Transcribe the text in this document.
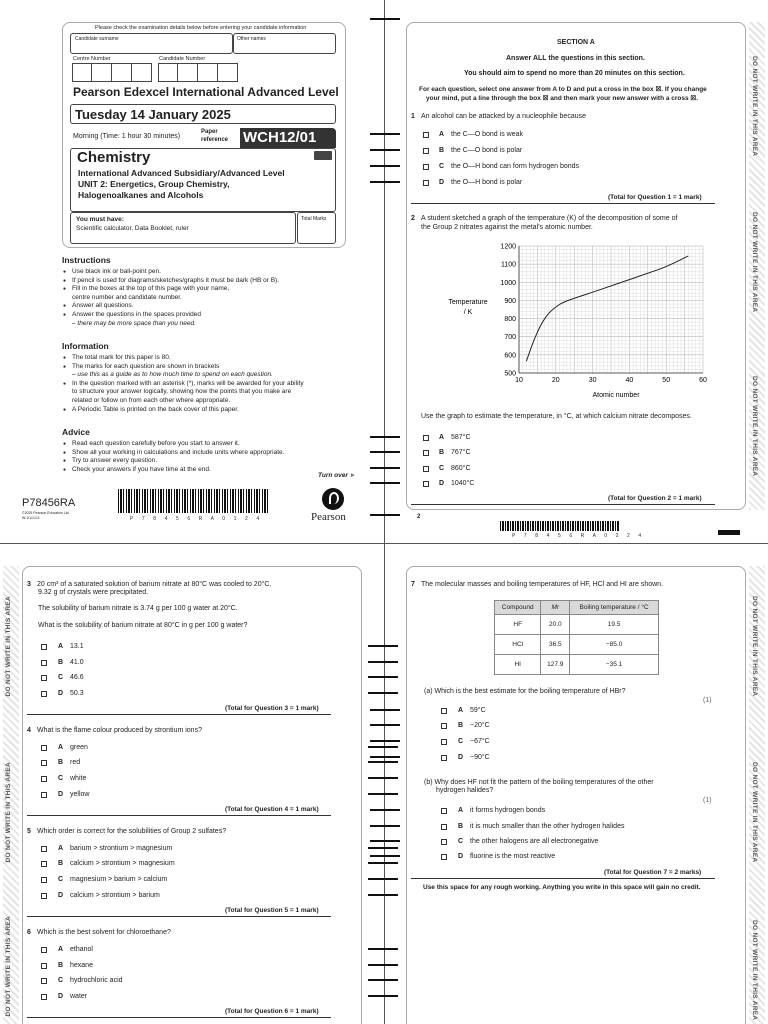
Please check the examination details below before entering your candidate information
Candidate surname	Other names
Centre Number	Candidate Number
Pearson Edexcel International Advanced Level
Tuesday 14 January 2025
Morning (Time: 1 hour 30 minutes)
Paper
reference WCH12/01
Chemistry
International Advanced Subsidiary/Advanced Level
UNIT 2: Energetics, Group Chemistry,
Halogenoalkanes and Alcohols
You must have:
Scientific calculator, Data Booklet, ruler
Total Marks
Instructions
● Use black ink or ball-point pen.
● If pencil is used for diagrams/sketches/graphs it must be dark (HB or B).
● Fill in the boxes at the top of this page with your name,
centre number and candidate number.
● Answer all questions.
● Answer the questions in the spaces provided
– there may be more space than you need.
Information
● The total mark for this paper is 80.
● The marks for each question are shown in brackets
– use this as a guide as to how much time to spend on each question.
● In the question marked with an asterisk (*), marks will be awarded for your ability
to structure your answer logically, showing how the points that you make are
related or follow on from each other where appropriate.
● A Periodic Table is printed on the back cover of this paper.
Advice
● Read each question carefully before you start to answer it.
● Show all your working in calculations and include units where appropriate.
● Try to answer every question.
● Check your answers if you have time at the end.
Turn over ►
P78456RA
©2025 Pearson Education Ltd.
W:1/1/1/1/1	P 7 8 4 5 6 R A 0 1 2 4	Pearson
DO NOT WRITE IN THIS AREA
DO NOT WRITE IN THIS AREA
DO NOT WRITE IN THIS AREA
SECTION A
Answer ALL the questions in this section.
You should aim to spend no more than 20 minutes on this section.
For each question, select one answer from A to D and put a cross in the box ☒. If you change
your mind, put a line through the box ☒ and then mark your new answer with a cross ☒.
1 An alcohol can be attacked by a nucleophile because
A the C—O bond is weak
B the C—O bond is polar
C the O—H bond can form hydrogen bonds
D the O—H bond is polar
(Total for Question 1 = 1 mark)
2 A student sketched a graph of the temperature (K) of the decomposition of some of
the Group 2 nitrates against the metal’s atomic number.
10	20	30	40	50	60
500
600
700
800
900
1000
1100
1200
Atomic number
Temperature
/ K
Use the graph to estimate the temperature, in °C, at which calcium nitrate decomposes.
A 587°C
B 767°C
C 860°C
D 1040°C
(Total for Question 2 = 1 mark)
2
P 7 8 4 5 6 R A 0 2 2 4
DO NOT WRITE IN THIS AREA
DO NOT WRITE IN THIS AREA
DO NOT WRITE IN THIS AREA
3 20 cm³ of a saturated solution of barium nitrate at 80°C was cooled to 20°C.
9.32 g of crystals were precipitated.
The solubility of barium nitrate is 3.74 g per 100 g water at 20°C.
What is the solubility of barium nitrate at 80°C in g per 100 g water?
A 13.1
B 41.0
C 46.6
D 50.3
(Total for Question 3 = 1 mark)
4 What is the flame colour produced by strontium ions?
A green
B red
C white
D yellow
(Total for Question 4 = 1 mark)
5 Which order is correct for the solubilities of Group 2 sulfates?
A barium > strontium > magnesium
B calcium > strontium > magnesium
C magnesium > barium > calcium
D calcium > strontium > barium
(Total for Question 5 = 1 mark)
6 Which is the best solvent for chloroethane?
A ethanol
B hexane
C hydrochloric acid
D water
(Total for Question 6 = 1 mark)
DO NOT WRITE IN THIS AREA
DO NOT WRITE IN THIS AREA
DO NOT WRITE IN THIS AREA
7 The molecular masses and boiling temperatures of HF, HCl and HI are shown.
Compound	Mr	Boiling temperature / °C
HF	20.0	19.5
HCl	36.5	−85.0
HI	127.9	−35.1
(a) Which is the best estimate for the boiling temperature of HBr?
(1)
A 59°C
B −20°C
C −67°C
D −90°C
(b) Why does HF not fit the pattern of the boiling temperatures of the other
hydrogen halides?
(1)
A it forms hydrogen bonds
B it is much smaller than the other hydrogen halides
C the other halogens are all electronegative
D fluorine is the most reactive
(Total for Question 7 = 2 marks)
Use this space for any rough working. Anything you write in this space will gain no credit.
